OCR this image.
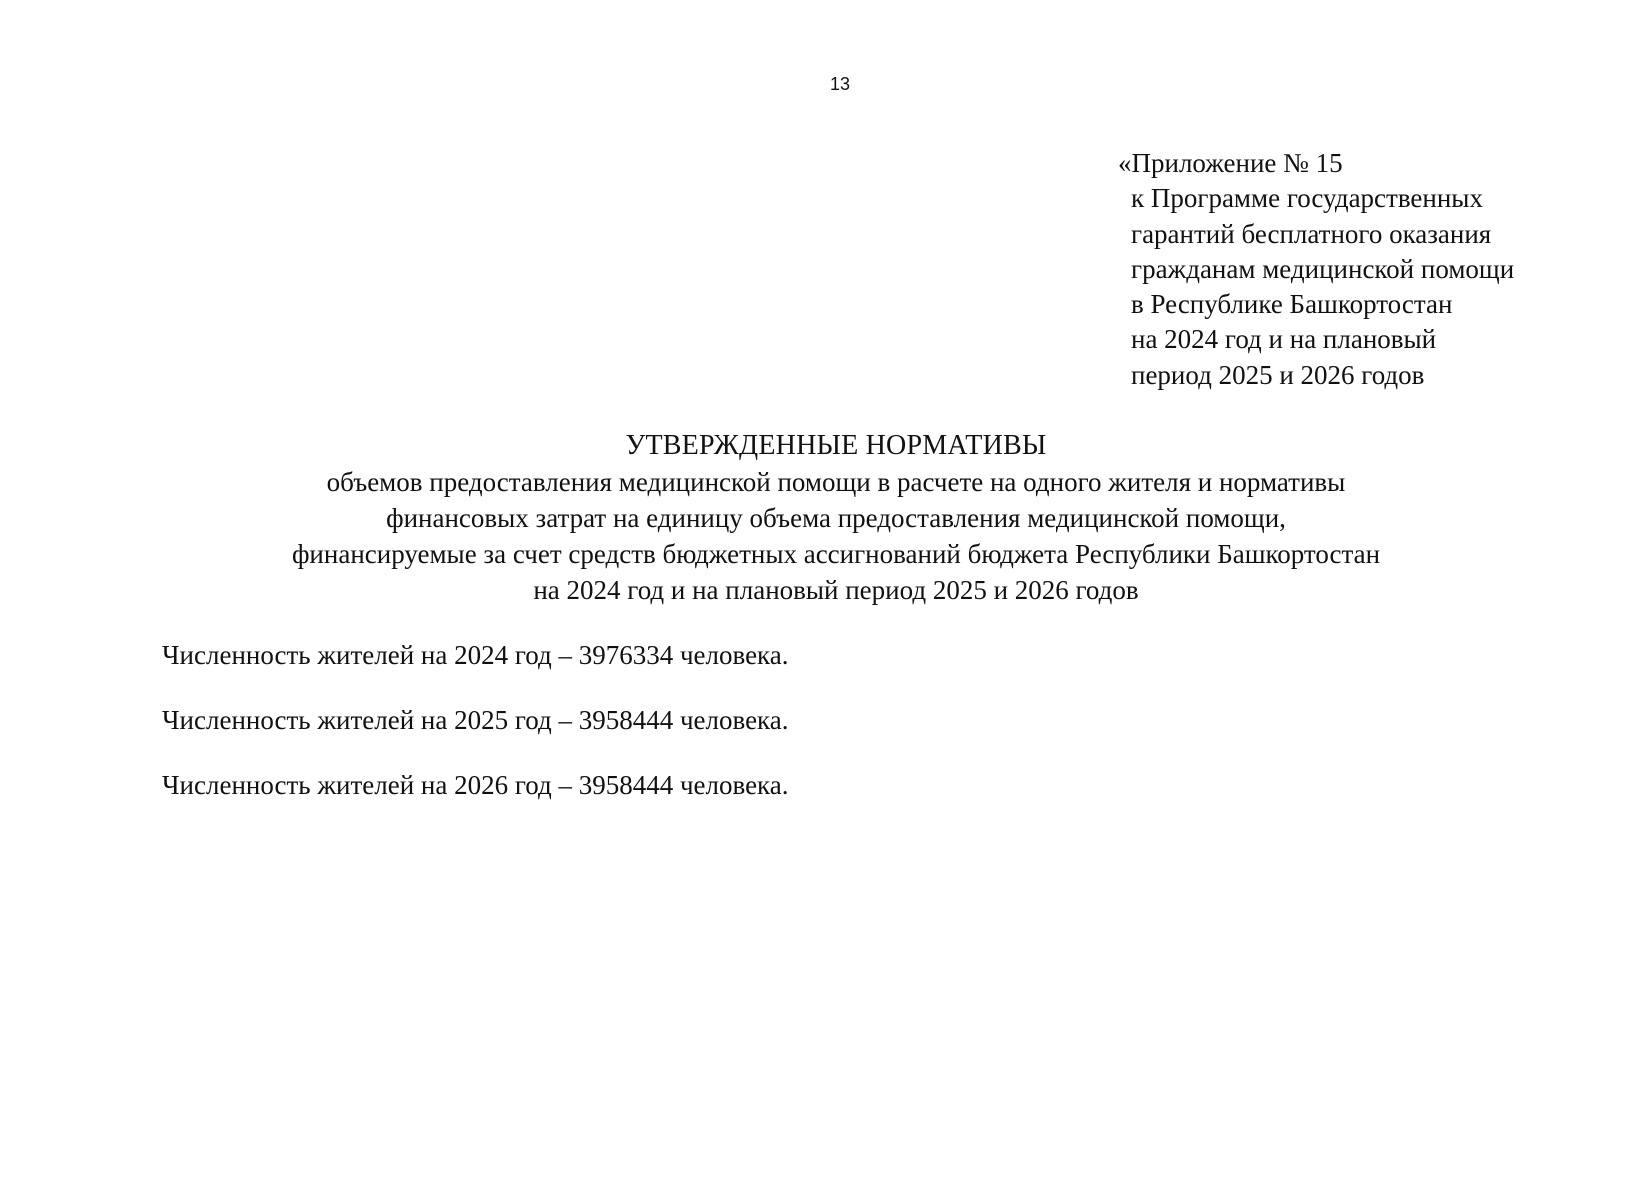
13
«Приложение № 15
к Программе государственных
гарантий бесплатного оказания
гражданам медицинской помощи
в Республике Башкортостан
на 2024 год и на плановый
период 2025 и 2026 годов
УТВЕРЖДЕННЫЕ НОРМАТИВЫ
объемов предоставления медицинской помощи в расчете на одного жителя и нормативы
финансовых затрат на единицу объема предоставления медицинской помощи,
финансируемые за счет средств бюджетных ассигнований бюджета Республики Башкортостан
на 2024 год и на плановый период 2025 и 2026 годов
Численность жителей на 2024 год – 3976334 человека.
Численность жителей на 2025 год – 3958444 человека.
Численность жителей на 2026 год – 3958444 человека.
